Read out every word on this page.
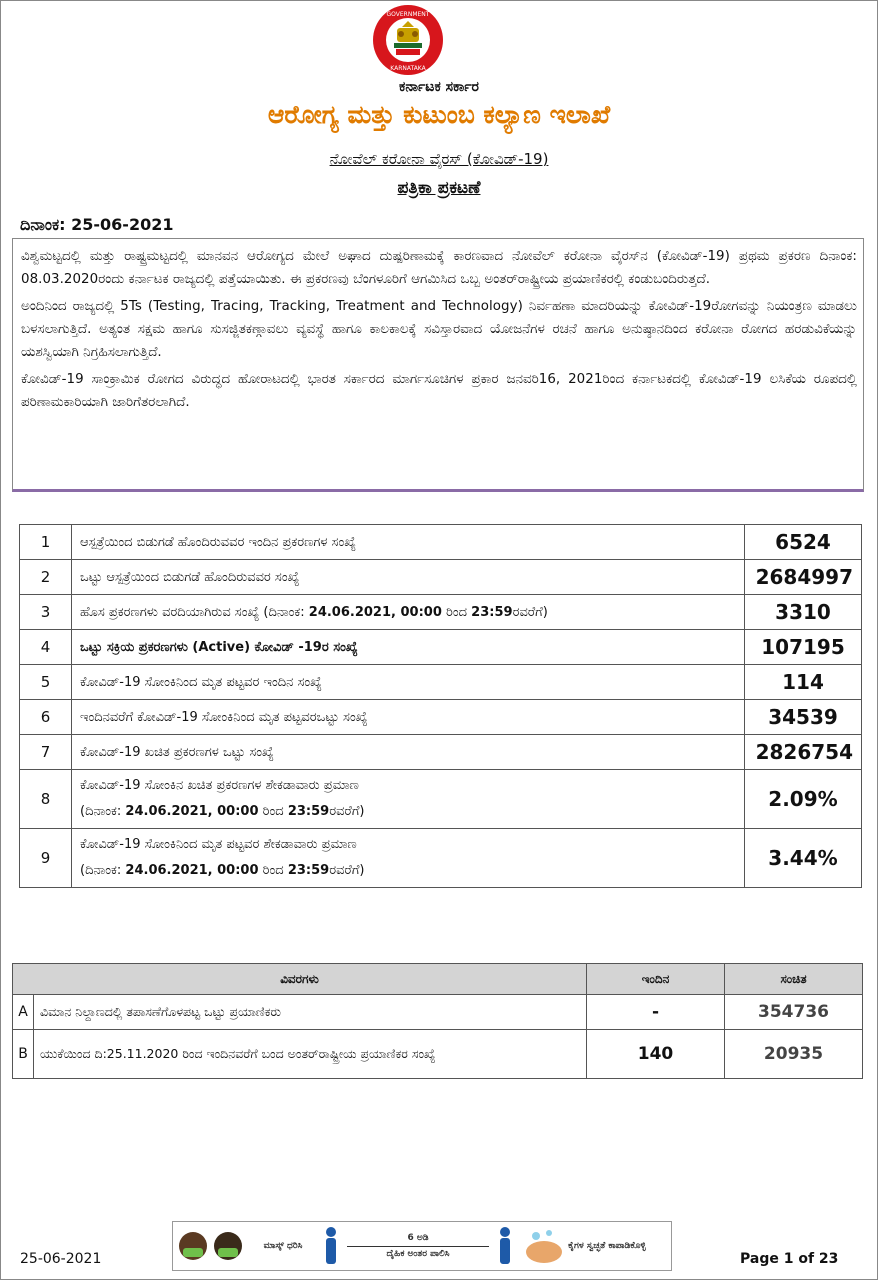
GOVERNMENT
KARNATAKA
ಕರ್ನಾಟಕ ಸರ್ಕಾರ
ಆರೋಗ್ಯ ಮತ್ತು ಕುಟುಂಬ ಕಲ್ಯಾಣ ಇಲಾಖೆ
ನೋವೆಲ್ ಕರೋನಾ ವೈರಸ್ (ಕೋವಿಡ್-19)
ಪತ್ರಿಕಾ ಪ್ರಕಟಣೆ
ದಿನಾಂಕ: 25-06-2021

ವಿಶ್ವಮಟ್ಟದಲ್ಲಿ ಮತ್ತು ರಾಷ್ಟ್ರಮಟ್ಟದಲ್ಲಿ ಮಾನವನ ಆರೋಗ್ಯದ ಮೇಲೆ ಅಘಾದ ದುಷ್ಪರಿಣಾಮಕ್ಕೆ ಕಾರಣವಾದ ನೋವೆಲ್ ಕರೋನಾ ವೈರಸ್‌ನ (ಕೋವಿಡ್-19) ಪ್ರಥಮ ಪ್ರಕರಣ ದಿನಾಂಕ: 08.03.2020ರಂದು ಕರ್ನಾಟಕ ರಾಜ್ಯದಲ್ಲಿ ಪತ್ತೆಯಾಯಿತು. ಈ ಪ್ರಕರಣವು ಬೆಂಗಳೂರಿಗೆ ಆಗಮಿಸಿದ ಒಬ್ಬ ಅಂತರ್‌ರಾಷ್ಟ್ರೀಯ ಪ್ರಯಾಣಿಕರಲ್ಲಿ ಕಂಡುಬಂದಿರುತ್ತದೆ.

ಅಂದಿನಿಂದ ರಾಜ್ಯದಲ್ಲಿ 5Ts (Testing, Tracing, Tracking, Treatment and Technology) ನಿರ್ವಹಣಾ ಮಾದರಿಯನ್ನು ಕೋವಿಡ್-19ರೋಗವನ್ನು ನಿಯಂತ್ರಣ ಮಾಡಲು ಬಳಸಲಾಗುತ್ತಿದೆ. ಅತ್ಯಂತ ಸಕ್ಷಮ ಹಾಗೂ ಸುಸಜ್ಜಿತಕಣ್ಗಾವಲು ವ್ಯವಸ್ಥೆ ಹಾಗೂ ಕಾಲಕಾಲಕ್ಕೆ ಸವಿಸ್ತಾರವಾದ ಯೋಜನೆಗಳ ರಚನೆ ಹಾಗೂ ಅನುಷ್ಠಾನದಿಂದ ಕರೋನಾ ರೋಗದ ಹರಡುವಿಕೆಯನ್ನು ಯಶಸ್ವಿಯಾಗಿ ನಿಗ್ರಹಿಸಲಾಗುತ್ತಿದೆ.

ಕೋವಿಡ್-19 ಸಾಂಕ್ರಾಮಿಕ ರೋಗದ ವಿರುದ್ಧದ ಹೋರಾಟದಲ್ಲಿ ಭಾರತ ಸರ್ಕಾರದ ಮಾರ್ಗಸೂಚಿಗಳ ಪ್ರಕಾರ ಜನವರಿ16, 2021ರಿಂದ ಕರ್ನಾಟಕದಲ್ಲಿ ಕೋವಿಡ್-19 ಲಸಿಕೆಯ ರೂಪದಲ್ಲಿ ಪರಿಣಾಮಕಾರಿಯಾಗಿ ಜಾರಿಗೆತರಲಾಗಿದೆ.

1	ಆಸ್ಪತ್ರೆಯಿಂದ ಬಿಡುಗಡೆ ಹೊಂದಿರುವವರ ಇಂದಿನ ಪ್ರಕರಣಗಳ ಸಂಖ್ಯೆ	6524
2	ಒಟ್ಟು ಆಸ್ಪತ್ರೆಯಿಂದ ಬಿಡುಗಡೆ ಹೊಂದಿರುವವರ ಸಂಖ್ಯೆ	2684997
3	ಹೊಸ ಪ್ರಕರಣಗಳು ವರದಿಯಾಗಿರುವ ಸಂಖ್ಯೆ (ದಿನಾಂಕ: 24.06.2021, 00:00 ರಿಂದ 23:59ರವರೆಗೆ)	3310
4	ಒಟ್ಟು ಸಕ್ರಿಯ ಪ್ರಕರಣಗಳು (Active) ಕೋವಿಡ್ -19ರ ಸಂಖ್ಯೆ	107195
5	ಕೋವಿಡ್-19 ಸೋಂಕಿನಿಂದ ಮೃತ ಪಟ್ಟವರ ಇಂದಿನ ಸಂಖ್ಯೆ	114
6	ಇಂದಿನವರೆಗೆ ಕೋವಿಡ್-19 ಸೋಂಕಿನಿಂದ ಮೃತ ಪಟ್ಟವರಒಟ್ಟು ಸಂಖ್ಯೆ	34539
7	ಕೋವಿಡ್-19 ಖಚಿತ ಪ್ರಕರಣಗಳ ಒಟ್ಟು ಸಂಖ್ಯೆ	2826754
8	ಕೋವಿಡ್-19 ಸೋಂಕಿನ ಖಚಿತ ಪ್ರಕರಣಗಳ ಶೇಕಡಾವಾರು ಪ್ರಮಾಣ
(ದಿನಾಂಕ: 24.06.2021, 00:00 ರಿಂದ 23:59ರವರೆಗೆ)	2.09%
9	ಕೋವಿಡ್-19 ಸೋಂಕಿನಿಂದ ಮೃತ ಪಟ್ಟವರ ಶೇಕಡಾವಾರು ಪ್ರಮಾಣ
(ದಿನಾಂಕ: 24.06.2021, 00:00 ರಿಂದ 23:59ರವರೆಗೆ)	3.44%
ವಿವರಗಳು		ಇಂದಿನ	ಸಂಚಿತ
A	ವಿಮಾನ ನಿಲ್ದಾಣದಲ್ಲಿ ತಪಾಸಣೆಗೊಳಪಟ್ಟ ಒಟ್ಟು ಪ್ರಯಾಣಿಕರು	-	354736
B	ಯುಕೆಯಿಂದ ದಿ:25.11.2020 ರಿಂದ ಇಂದಿನವರೆಗೆ ಬಂದ ಅಂತರ್‌ರಾಷ್ಟ್ರೀಯ ಪ್ರಯಾಣಿಕರ ಸಂಖ್ಯೆ	140	20935
ಮಾಸ್ಕ್ ಧರಿಸಿ
6 ಅಡಿ
ದೈಹಿಕ ಅಂತರ ಪಾಲಿಸಿ
ಕೈಗಳ ಸ್ವಚ್ಛತೆ ಕಾಪಾಡಿಕೊಳ್ಳಿ
25-06-2021	Page 1 of 23
